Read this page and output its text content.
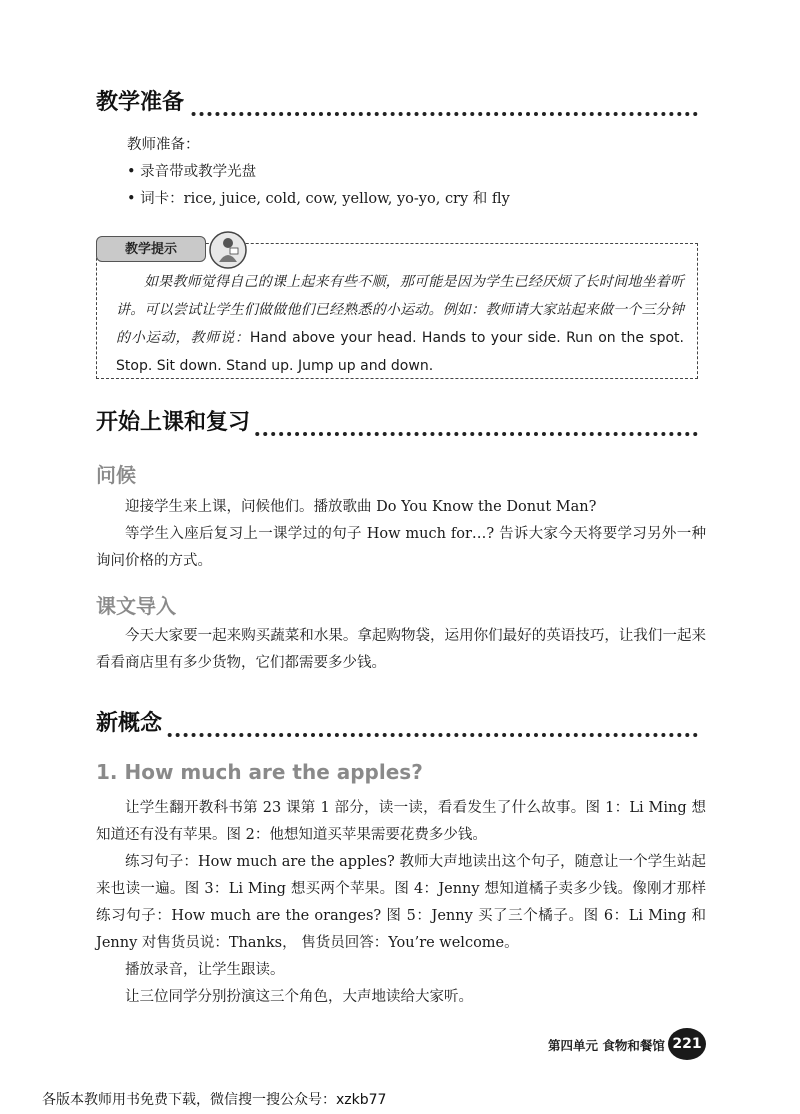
教学准备
教师准备：
• 录音带或教学光盘
• 词卡：rice, juice, cold, cow, yellow, yo-yo, cry 和 fly
教学提示
如果教师觉得自己的课上起来有些不顺，那可能是因为学生已经厌烦了长时间地坐着听讲。可以尝试让学生们做做他们已经熟悉的小运动。例如：教师请大家站起来做一个三分钟的小运动，教师说：Hand above your head. Hands to your side. Run on the spot. Stop. Sit down. Stand up. Jump up and down.
开始上课和复习
问候

迎接学生来上课，问候他们。播放歌曲 Do You Know the Donut Man?

等学生入座后复习上一课学过的句子 How much for…? 告诉大家今天将要学习另外一种询问价格的方式。

课文导入

今天大家要一起来购买蔬菜和水果。拿起购物袋，运用你们最好的英语技巧，让我们一起来看看商店里有多少货物，它们都需要多少钱。

新概念
1. How much are the apples?

让学生翻开教科书第 23 课第 1 部分，读一读，看看发生了什么故事。图 1：Li Ming 想知道还有没有苹果。图 2：他想知道买苹果需要花费多少钱。

练习句子：How much are the apples? 教师大声地读出这个句子，随意让一个学生站起来也读一遍。图 3：Li Ming 想买两个苹果。图 4：Jenny 想知道橘子卖多少钱。像刚才那样练习句子：How much are the oranges? 图 5：Jenny 买了三个橘子。图 6：Li Ming 和 Jenny 对售货员说：Thanks， 售货员回答：You’re welcome。

播放录音，让学生跟读。

让三位同学分别扮演这三个角色，大声地读给大家听。

第四单元 食物和餐馆 221
各版本教师用书免费下载，微信搜一搜公众号：xzkb77
